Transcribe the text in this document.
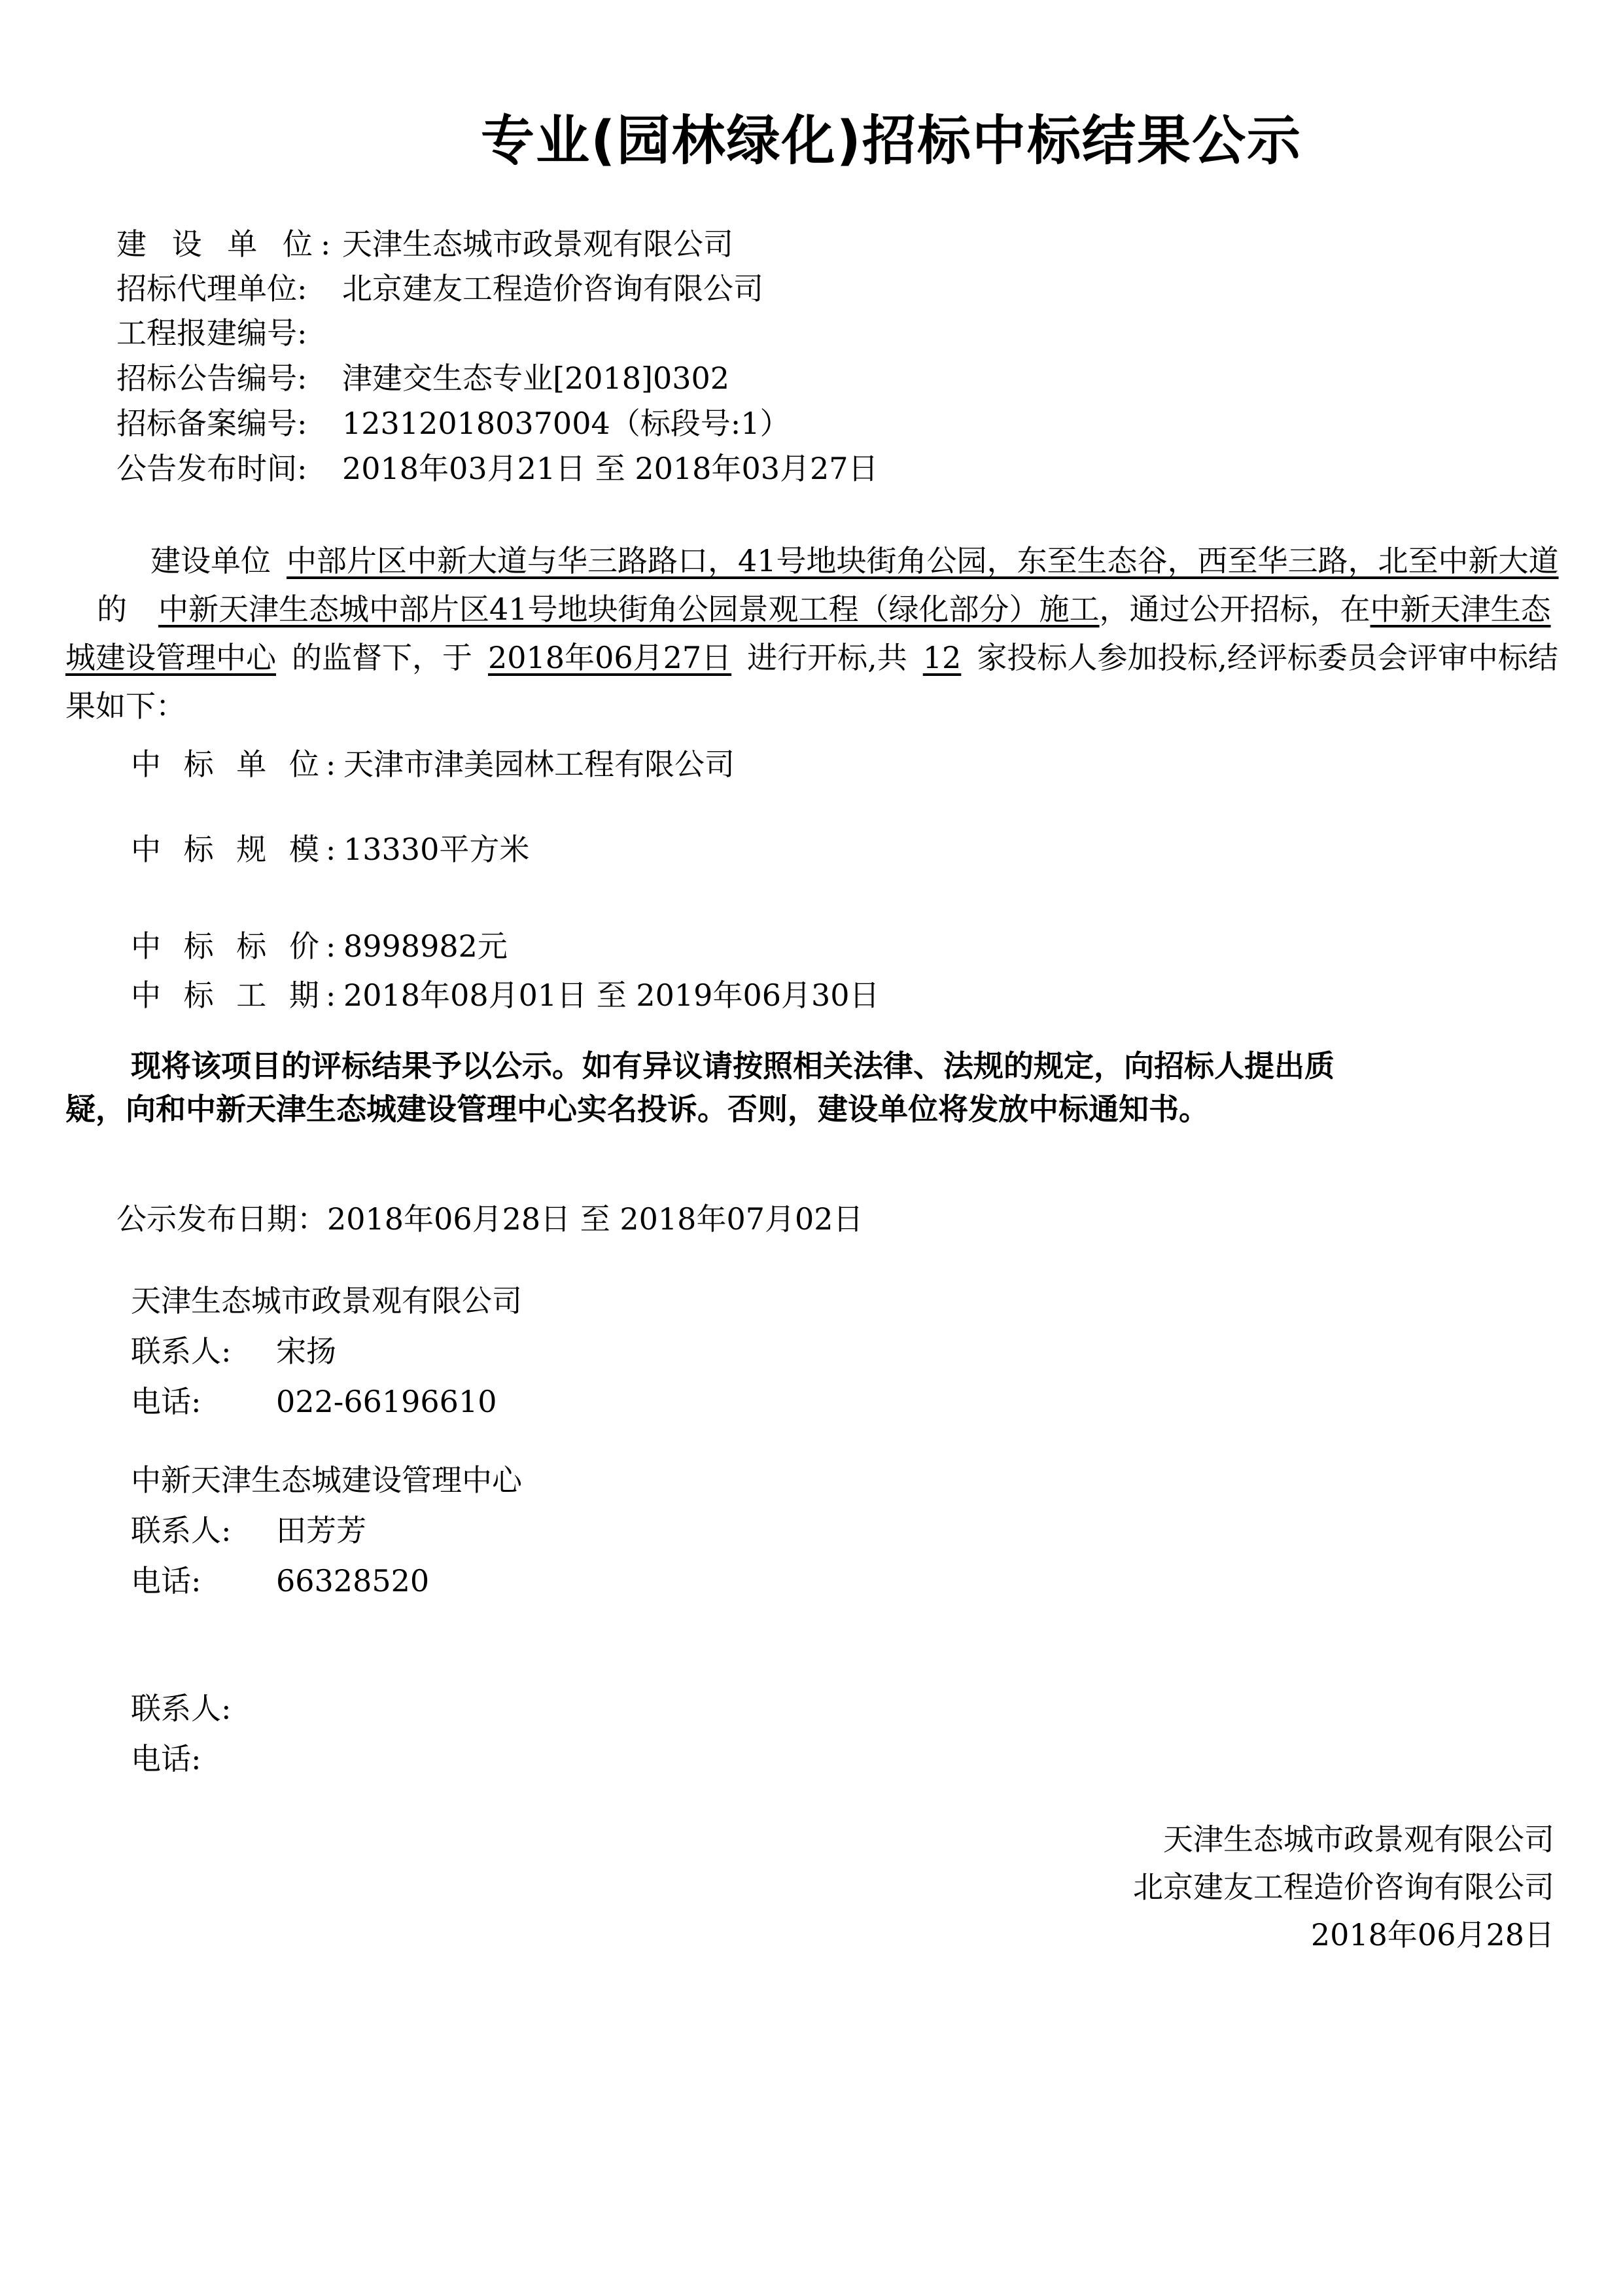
专业(园林绿化)招标中标结果公示
建 设 单 位: 天津生态城市政景观有限公司
招标代理单位: 北京建友工程造价咨询有限公司
工程报建编号:
招标公告编号: 津建交生态专业[2018]0302
招标备案编号: 12312018037004（标段号:1）
公告发布时间: 2018年03月21日 至 2018年03月27日
建设单位 中部片区中新大道与华三路路口，41号地块街角公园，东至生态谷，西至华三路，北至中新大道的 中新天津生态城中部片区41号地块街角公园景观工程（绿化部分）施工，通过公开招标，在中新天津生态城建设管理中心 的监督下，于 2018年06月27日 进行开标,共 12 家投标人参加投标,经评标委员会评审中标结果如下：
中 标 单 位:天津市津美园林工程有限公司
中 标 规 模:13330平方米
中 标 标 价:8998982元
中 标 工 期:2018年08月01日 至 2019年06月30日
现将该项目的评标结果予以公示。如有异议请按照相关法律、法规的规定，向招标人提出质
疑，向和中新天津生态城建设管理中心实名投诉。否则，建设单位将发放中标通知书。
公示发布日期：2018年06月28日 至 2018年07月02日
天津生态城市政景观有限公司
联系人: 宋扬
电话: 022-66196610
中新天津生态城建设管理中心
联系人: 田芳芳
电话: 66328520
联系人:
电话:
天津生态城市政景观有限公司
北京建友工程造价咨询有限公司
2018年06月28日
